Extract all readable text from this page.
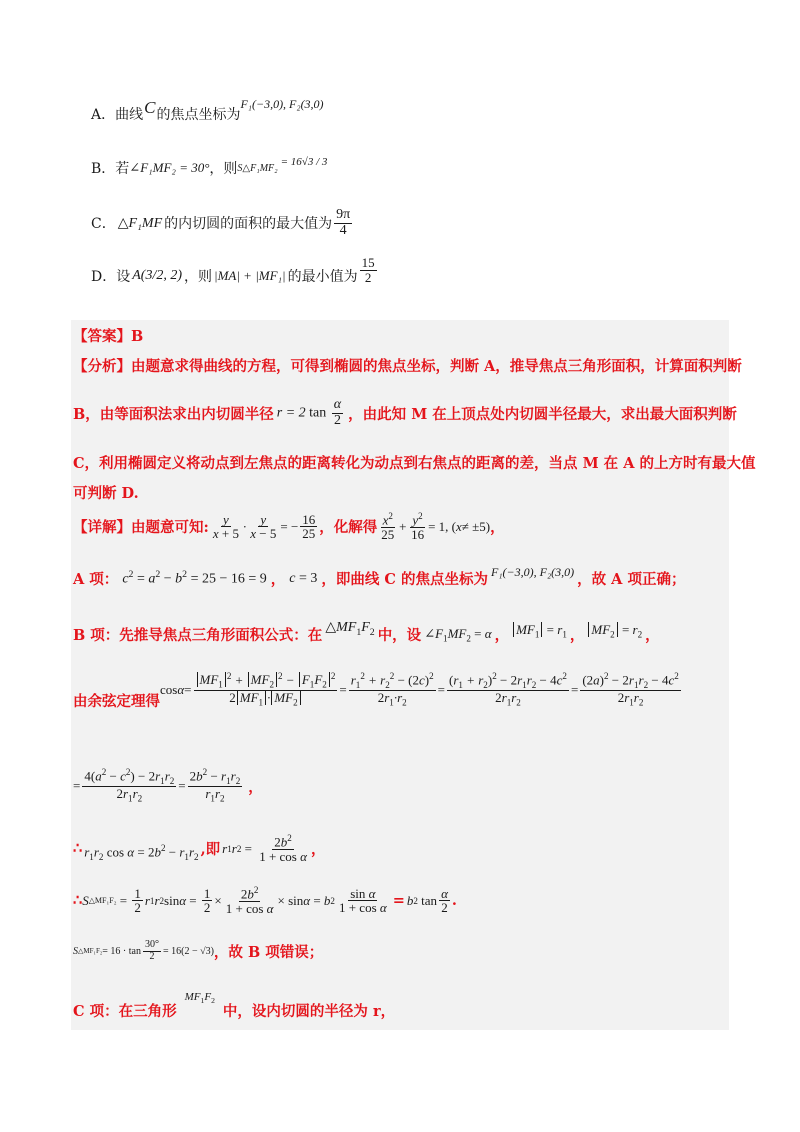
A． 曲线 C 的焦点坐标为
F₁(−3,0), F₂(3,0)
B． 若 ∠F₁MF₂ = 30° ，则 S△F₁MF₂ = 16√3 / 3
C． △F₁MF 的内切圆的面积的最大值为 $\frac{9\pi}{4}$
D． 设 A(3/2, 2) ，则 |MA| + |MF₁| 的最小值为 $\frac{15}{2}$
【答案】B
【分析】由题意求得曲线的方程，可得到椭圆的焦点坐标，判断 A，推导焦点三角形面积，计算面积判断
B，由等面积法求出内切圆半径 r = 2 $\tan \frac{\alpha}{2}$ ，由此知 M 在上顶点处内切圆半径最大，求出最大面积判断
C，利用椭圆定义将动点到左焦点的距离转化为动点到右焦点的距离的差，当点 M 在 A 的上方时有最大值
可判断 D.
【详解】由题意可知: $\frac{y}{x + 5} \cdot \frac{y}{x - 5}$ = − $\frac{16}{25}$ ，化解得 $\frac{x^2}{25} + \frac{y^2}{16} = 1$, ( x ≠ ±5) ，
A 项： $c^2 = a^2 - b^2 = 25 - 16 = 9$ ， c = 3 ，即曲线 C 的焦点坐标为 F₁(−3,0), F₂(3,0) ，故 A 项正确；
B 项：先推导焦点三角形面积公式：在 $\triangle MF_1F_2$ 中，设 $\angle F_1MF_2 = \alpha$ ， $MF_1 = r_1$ ， $MF_2 = r_2$ ，
由余弦定理得
$\cos \alpha = \frac{MF_1^2 + MF_2^2 - F_1F_2^2}{2 MF_1 \cdot MF_2} = \frac{r_1^2 + r_2^2 - (2c)^2}{2r_1\cdot r_2} = \frac{(r_1 + r_2)^2 - 2r_1r_2 - 4c^2}{2r_1r_2} = \frac{(2a)^2 - 2r_1r_2 - 4c^2}{2r_1r_2}$
= $\frac{4(a^2 - c^2) - 2r_1r_2}{2r_1r_2} = \frac{2b^2 - r_1r_2}{r_1r_2}$ ，
∴ $r_1r_2$ $\cos \alpha = 2b^2 - r_1r_2$ ,即 r 1 r $2 = \frac{2b^2}{\text{1 + cos α}}$ ，
∴ S △MF₁F₂ = $\frac{1}{2}$ r 1 r 2 $\sin \alpha = \frac{1}{2} \times \frac{2b^2}{\text{1 + cos α}} \times \sin \alpha = b$ $2 \frac{\text{sin α}}{\text{1 + cos α}} = b$ 2 $\tan \frac{\alpha}{2}$ .
S △MF₁F₂ = $16 \cdot \tan \frac{30^\circ}{2} = 16(2 - √3)$ ，故 B 项错误；
C 项：在三角形
$MF_1F_2$
中，设内切圆的半径为 r，
